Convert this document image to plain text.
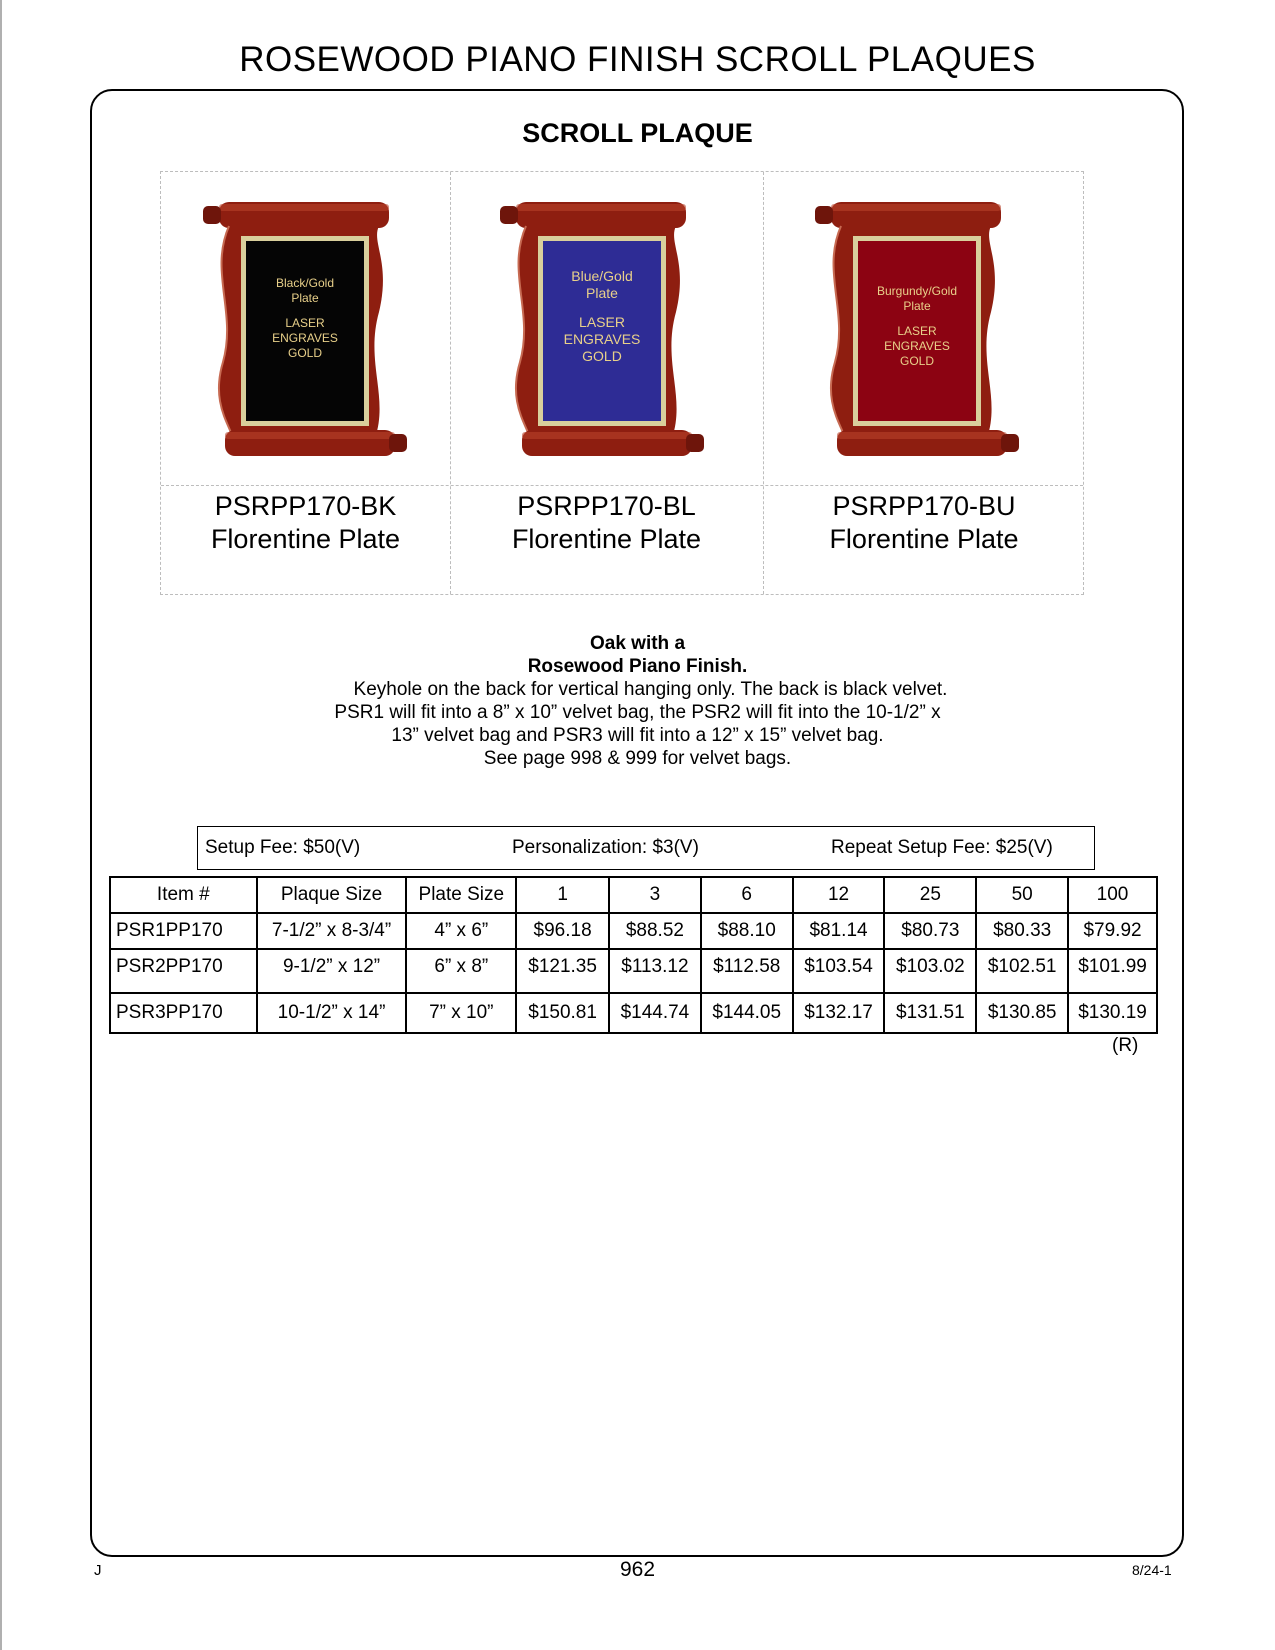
ROSEWOOD PIANO FINISH SCROLL PLAQUES
SCROLL PLAQUE
Black/Gold
Plate
LASER
ENGRAVES
GOLD
PSRPP170-BK
Florentine Plate
Blue/Gold
Plate
LASER
ENGRAVES
GOLD
PSRPP170-BL
Florentine Plate
Burgundy/Gold
Plate
LASER
ENGRAVES
GOLD
PSRPP170-BU
Florentine Plate
Oak with a
Rosewood Piano Finish.
Keyhole on the back for vertical hanging only. The back is black velvet.
PSR1 will fit into a 8” x 10” velvet bag, the PSR2 will fit into the 10-1/2” x
13” velvet bag and PSR3 will fit into a 12” x 15” velvet bag.
See page 998 & 999 for velvet bags.
Setup Fee: $50(V)	Personalization: $3(V)	Repeat Setup Fee: $25(V)
Item #	Plaque Size	Plate Size	1	3	6	12	25	50	100
PSR1PP170	7-1/2” x 8-3/4”	4” x 6”	$96.18	$88.52	$88.10	$81.14	$80.73	$80.33	$79.92
PSR2PP170	9-1/2” x 12”	6” x 8”	$121.35	$113.12	$112.58	$103.54	$103.02	$102.51	$101.99
PSR3PP170	10-1/2” x 14”	7” x 10”	$150.81	$144.74	$144.05	$132.17	$131.51	$130.85	$130.19
(R)
J	962	8/24-1
